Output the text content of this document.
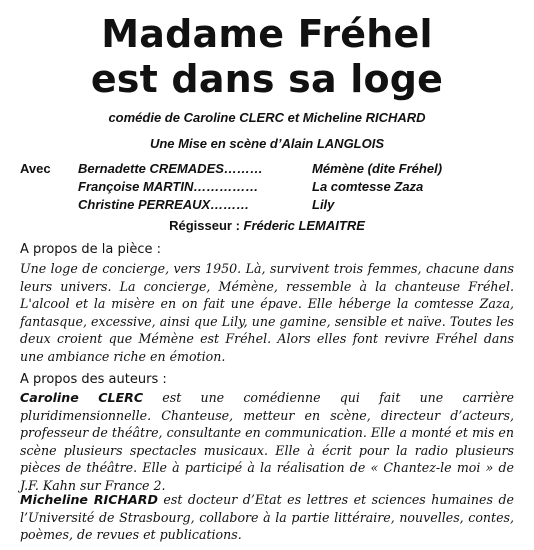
Madame Fréhel
est dans sa loge
comédie de Caroline CLERC et Micheline RICHARD
Une Mise en scène d’Alain LANGLOIS
Avec	Bernadette CREMADES………	Mémène (dite Fréhel)
Françoise MARTIN……………	La comtesse Zaza
Christine PERREAUX………	Lily
Régisseur : Fréderic LEMAITRE
A propos de la pièce :

Une loge de concierge, vers 1950. Là, survivent trois femmes, chacune dans leurs univers. La concierge, Mémène, ressemble à la chanteuse Fréhel. L'alcool et la misère en on fait une épave. Elle héberge la comtesse Zaza, fantasque, excessive, ainsi que Lily, une gamine, sensible et naïve. Toutes les deux croient que Mémène est Fréhel. Alors elles font revivre Fréhel dans une ambiance riche en émotion.

A propos des auteurs :

Caroline CLERC est une comédienne qui fait une carrière pluridimensionnelle. Chanteuse, metteur en scène, directeur d’acteurs, professeur de théâtre, consultante en communication. Elle a monté et mis en scène plusieurs spectacles musicaux. Elle à écrit pour la radio plusieurs pièces de théâtre. Elle à participé à la réalisation de « Chantez-le moi » de J.F. Kahn sur France 2.

Micheline RICHARD est docteur d’Etat es lettres et sciences humaines de l’Université de Strasbourg, collabore à la partie littéraire, nouvelles, contes, poèmes, de revues et publications.
